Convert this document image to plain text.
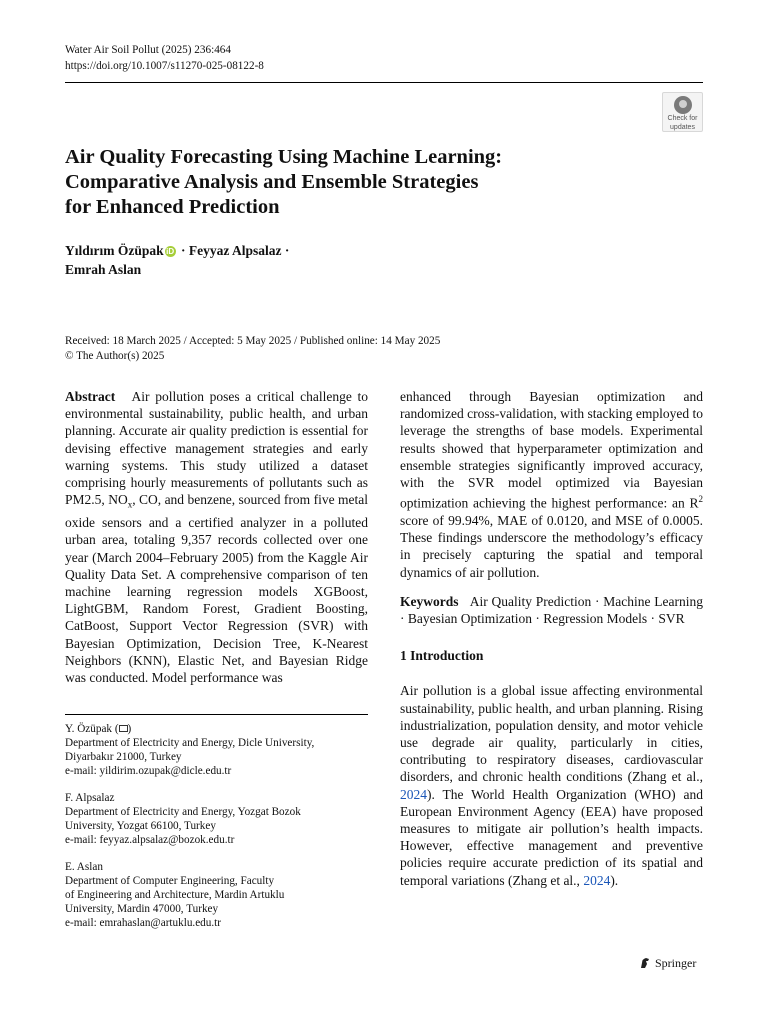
Water Air Soil Pollut (2025) 236:464
https://doi.org/10.1007/s11270-025-08122-8
Check for
updates
Air Quality Forecasting Using Machine Learning:
Comparative Analysis and Ensemble Strategies
for Enhanced Prediction
Yıldırım Özüpak iD · Feyyaz Alpsalaz ·
Emrah Aslan
Received: 18 March 2025 / Accepted: 5 May 2025 / Published online: 14 May 2025
© The Author(s) 2025
Abstract Air pollution poses a critical challenge to environmental sustainability, public health, and urban planning. Accurate air quality prediction is essential for devising effective management strategies and early warning systems. This study utilized a dataset comprising hourly measurements of pollutants such as PM2.5, $NO_x$, CO, and benzene, sourced from five metal oxide sensors and a certified analyzer in a polluted urban area, totaling 9,357 records collected over one year (March 2004–February 2005) from the Kaggle Air Quality Data Set. A comprehensive comparison of ten machine learning regression models XGBoost, LightGBM, Random Forest, Gradient Boosting, CatBoost, Support Vector Regression (SVR) with Bayesian Optimization, Decision Tree, K-Nearest Neighbors (KNN), Elastic Net, and Bayesian Ridge was conducted. Model performance was
Y. Özüpak ( )
Department of Electricity and Energy, Dicle University,
Diyarbakır 21000, Turkey
e-mail: yildirim.ozupak@dicle.edu.tr
F. Alpsalaz
Department of Electricity and Energy, Yozgat Bozok
University, Yozgat 66100, Turkey
e-mail: feyyaz.alpsalaz@bozok.edu.tr
E. Aslan
Department of Computer Engineering, Faculty
of Engineering and Architecture, Mardin Artuklu
University, Mardin 47000, Turkey
e-mail: emrahaslan@artuklu.edu.tr
enhanced through Bayesian optimization and randomized cross-validation, with stacking employed to leverage the strengths of base models. Experimental results showed that hyperparameter optimization and ensemble strategies significantly improved accuracy, with the SVR model optimized via Bayesian optimization achieving the highest performance: an $R^2$ score of 99.94%, MAE of 0.0120, and MSE of 0.0005. These findings underscore the methodology’s efficacy in precisely capturing the spatial and temporal dynamics of air pollution.
Keywords Air Quality Prediction · Machine Learning · Bayesian Optimization · Regression Models · SVR
1 Introduction
Air pollution is a global issue affecting environmental sustainability, public health, and urban planning. Rising industrialization, population density, and motor vehicle use degrade air quality, particularly in cities, contributing to respiratory diseases, cardiovascular disorders, and chronic health conditions (Zhang et al., 2024). The World Health Organization (WHO) and European Environment Agency (EEA) have proposed measures to mitigate air pollution’s health impacts. However, effective management and preventive policies require accurate prediction of its spatial and temporal variations (Zhang et al., 2024).
Springer
